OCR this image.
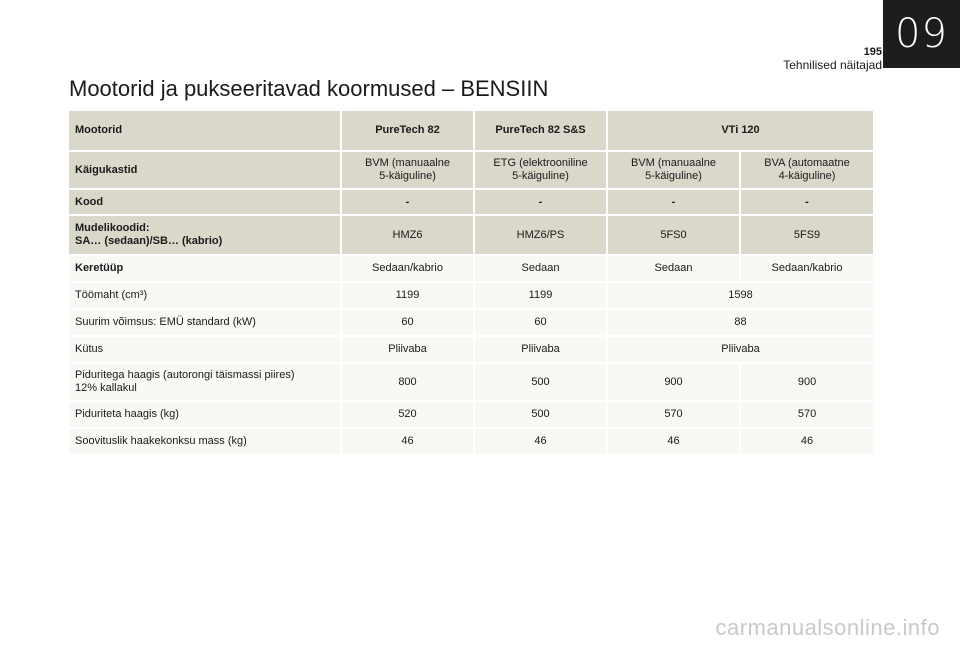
09
195
Tehnilised näitajad
Mootorid ja pukseeritavad koormused – BENSIIN
Mootorid	PureTech 82	PureTech 82 S&S	VTi 120	
Käigukastid	BVM (manuaalne
5-käiguline)	ETG (elektrooniline
5-käiguline)	BVM (manuaalne
5-käiguline)	BVA (automaatne
4-käiguline)
Kood	-	-	-	-
Mudelikoodid:
SA… (sedaan)/SB… (kabrio)	HMZ6	HMZ6/PS	5FS0	5FS9
Keretüüp	Sedaan/kabrio	Sedaan	Sedaan	Sedaan/kabrio
Töömaht (cm³)	1199	1199	1598	
Suurim võimsus: EMÜ standard (kW)	60	60	88	
Kütus	Pliivaba	Pliivaba	Pliivaba	
Piduritega haagis (autorongi täismassi piires)
12% kallakul	800	500	900	900
Piduriteta haagis (kg)	520	500	570	570
Soovituslik haakekonksu mass (kg)	46	46	46	46
carmanualsonline.info
